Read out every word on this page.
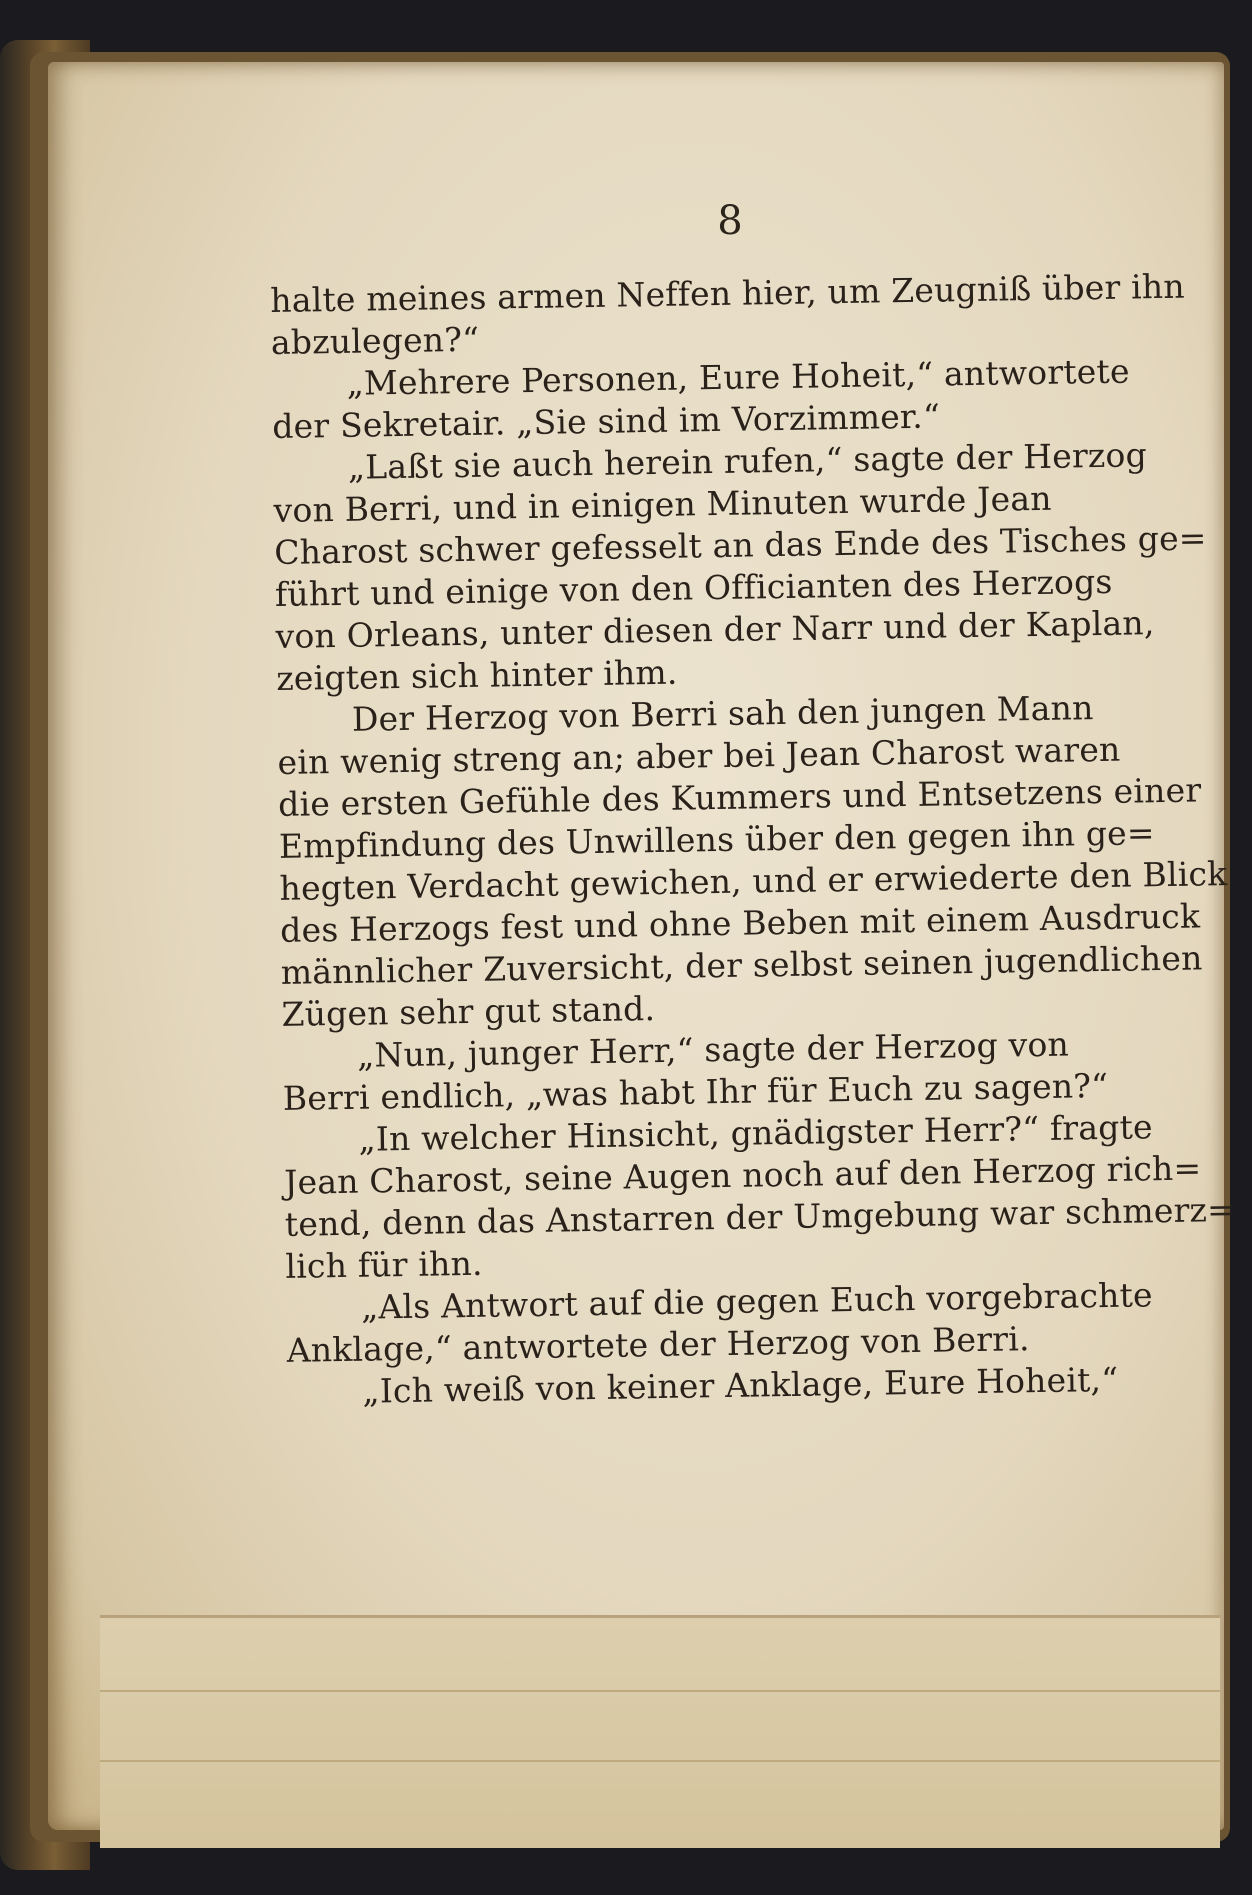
8
halte meines armen Neffen hier, um Zeugniß über ihn
abzulegen?“
„Mehrere Personen, Eure Hoheit,“ antwortete
der Sekretair. „Sie sind im Vorzimmer.“
„Laßt sie auch herein rufen,“ sagte der Herzog
von Berri, und in einigen Minuten wurde Jean
Charost schwer gefesselt an das Ende des Tisches ge=
führt und einige von den Officianten des Herzogs
von Orleans, unter diesen der Narr und der Kaplan,
zeigten sich hinter ihm.
Der Herzog von Berri sah den jungen Mann
ein wenig streng an; aber bei Jean Charost waren
die ersten Gefühle des Kummers und Entsetzens einer
Empfindung des Unwillens über den gegen ihn ge=
hegten Verdacht gewichen, und er erwiederte den Blick
des Herzogs fest und ohne Beben mit einem Ausdruck
männlicher Zuversicht, der selbst seinen jugendlichen
Zügen sehr gut stand.
„Nun, junger Herr,“ sagte der Herzog von
Berri endlich, „was habt Ihr für Euch zu sagen?“
„In welcher Hinsicht, gnädigster Herr?“ fragte
Jean Charost, seine Augen noch auf den Herzog rich=
tend, denn das Anstarren der Umgebung war schmerz=
lich für ihn.
„Als Antwort auf die gegen Euch vorgebrachte
Anklage,“ antwortete der Herzog von Berri.
„Ich weiß von keiner Anklage, Eure Hoheit,“
